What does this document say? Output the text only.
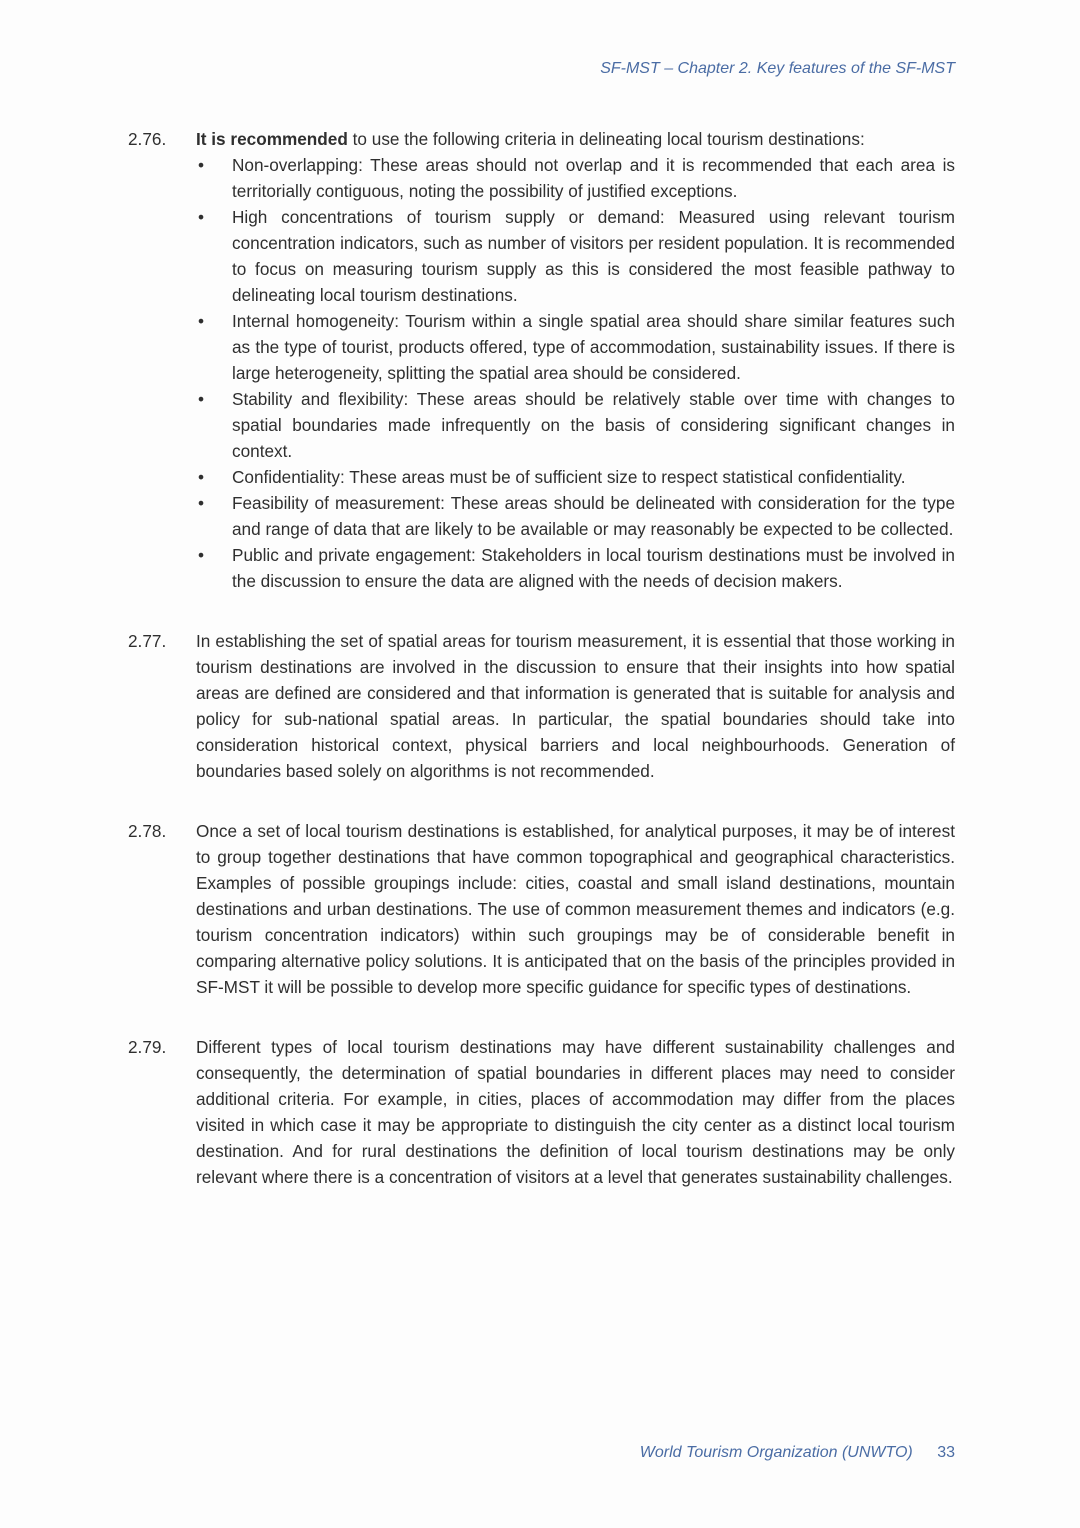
SF-MST – Chapter 2. Key features of the SF-MST
2.76.	It is recommended to use the following criteria in delineating local tourism destinations:

• Non-overlapping: These areas should not overlap and it is recommended that each area is territorially contiguous, noting the possibility of justified exceptions.
• High concentrations of tourism supply or demand: Measured using relevant tourism concentration indicators, such as number of visitors per resident population. It is recommended to focus on measuring tourism supply as this is considered the most feasible pathway to delineating local tourism destinations.
• Internal homogeneity: Tourism within a single spatial area should share similar features such as the type of tourist, products offered, type of accommodation, sustainability issues. If there is large heterogeneity, splitting the spatial area should be considered.
• Stability and flexibility: These areas should be relatively stable over time with changes to spatial boundaries made infrequently on the basis of considering significant changes in context.
• Confidentiality: These areas must be of sufficient size to respect statistical confidentiality.
• Feasibility of measurement: These areas should be delineated with consideration for the type and range of data that are likely to be available or may reasonably be expected to be collected.
• Public and private engagement: Stakeholders in local tourism destinations must be involved in the discussion to ensure the data are aligned with the needs of decision makers.
2.77.	In establishing the set of spatial areas for tourism measurement, it is essential that those working in tourism destinations are involved in the discussion to ensure that their insights into how spatial areas are defined are considered and that information is generated that is suitable for analysis and policy for sub-national spatial areas. In particular, the spatial boundaries should take into consideration historical context, physical barriers and local neighbourhoods. Generation of boundaries based solely on algorithms is not recommended.

2.78.	Once a set of local tourism destinations is established, for analytical purposes, it may be of interest to group together destinations that have common topographical and geographical characteristics. Examples of possible groupings include: cities, coastal and small island destinations, mountain destinations and urban destinations. The use of common measurement themes and indicators (e.g. tourism concentration indicators) within such groupings may be of considerable benefit in comparing alternative policy solutions. It is anticipated that on the basis of the principles provided in SF-MST it will be possible to develop more specific guidance for specific types of destinations.

2.79.	Different types of local tourism destinations may have different sustainability challenges and consequently, the determination of spatial boundaries in different places may need to consider additional criteria. For example, in cities, places of accommodation may differ from the places visited in which case it may be appropriate to distinguish the city center as a distinct local tourism destination. And for rural destinations the definition of local tourism destinations may be only relevant where there is a concentration of visitors at a level that generates sustainability challenges.

World Tourism Organization (UNWTO) 33
